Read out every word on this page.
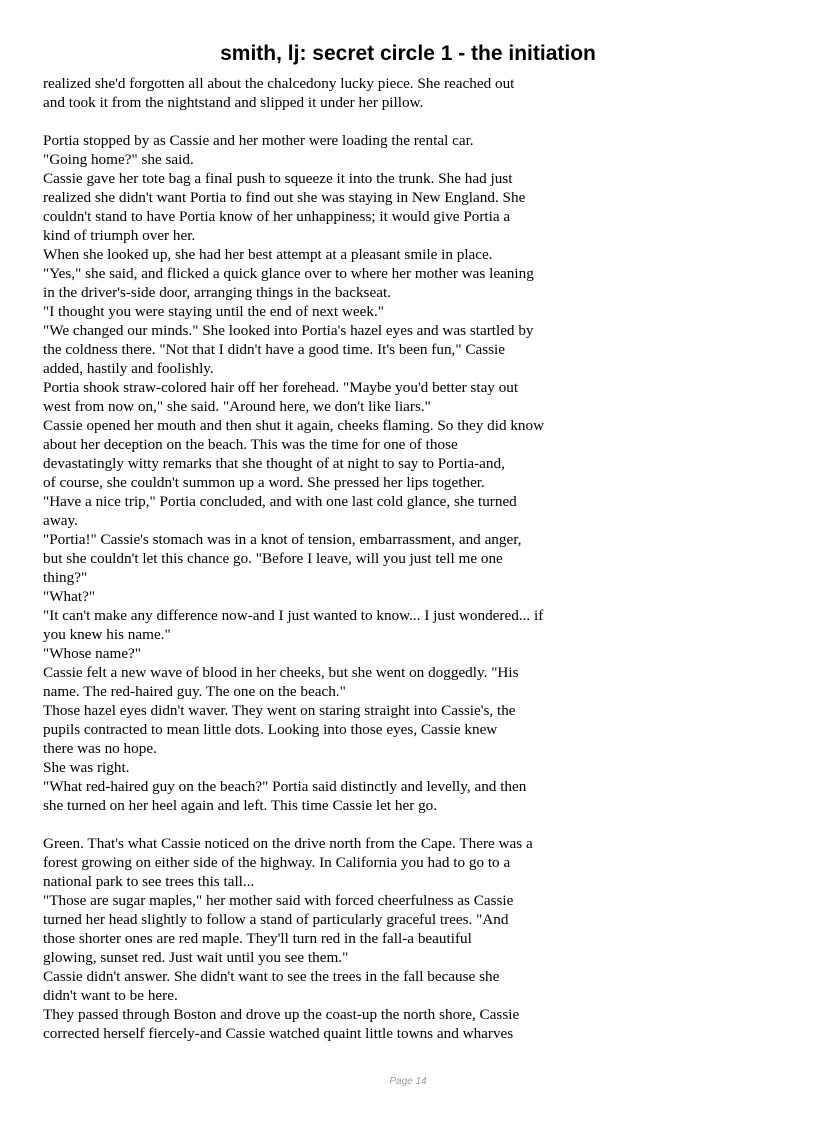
smith, lj: secret circle 1 - the initiation
realized she'd forgotten all about the chalcedony lucky piece. She reached out
and took it from the nightstand and slipped it under her pillow.
Portia stopped by as Cassie and her mother were loading the rental car.
"Going home?" she said.
Cassie gave her tote bag a final push to squeeze it into the trunk. She had just
realized she didn't want Portia to find out she was staying in New England. She
couldn't stand to have Portia know of her unhappiness; it would give Portia a
kind of triumph over her.
When she looked up, she had her best attempt at a pleasant smile in place.
"Yes," she said, and flicked a quick glance over to where her mother was leaning
in the driver's-side door, arranging things in the backseat.
"I thought you were staying until the end of next week."
"We changed our minds." She looked into Portia's hazel eyes and was startled by
the coldness there. "Not that I didn't have a good time. It's been fun," Cassie
added, hastily and foolishly.
Portia shook straw-colored hair off her forehead. "Maybe you'd better stay out
west from now on," she said. "Around here, we don't like liars."
Cassie opened her mouth and then shut it again, cheeks flaming. So they did know
about her deception on the beach. This was the time for one of those
devastatingly witty remarks that she thought of at night to say to Portia-and,
of course, she couldn't summon up a word. She pressed her lips together.
"Have a nice trip," Portia concluded, and with one last cold glance, she turned
away.
"Portia!" Cassie's stomach was in a knot of tension, embarrassment, and anger,
but she couldn't let this chance go. "Before I leave, will you just tell me one
thing?"
"What?"
"It can't make any difference now-and I just wanted to know... I just wondered... if
you knew his name."
"Whose name?"
Cassie felt a new wave of blood in her cheeks, but she went on doggedly. "His
name. The red-haired guy. The one on the beach."
Those hazel eyes didn't waver. They went on staring straight into Cassie's, the
pupils contracted to mean little dots. Looking into those eyes, Cassie knew
there was no hope.
She was right.
"What red-haired guy on the beach?" Portia said distinctly and levelly, and then
she turned on her heel again and left. This time Cassie let her go.
Green. That's what Cassie noticed on the drive north from the Cape. There was a
forest growing on either side of the highway. In California you had to go to a
national park to see trees this tall...
"Those are sugar maples," her mother said with forced cheerfulness as Cassie
turned her head slightly to follow a stand of particularly graceful trees. "And
those shorter ones are red maple. They'll turn red in the fall-a beautiful
glowing, sunset red. Just wait until you see them."
Cassie didn't answer. She didn't want to see the trees in the fall because she
didn't want to be here.
They passed through Boston and drove up the coast-up the north shore, Cassie
corrected herself fiercely-and Cassie watched quaint little towns and wharves
Page 14
